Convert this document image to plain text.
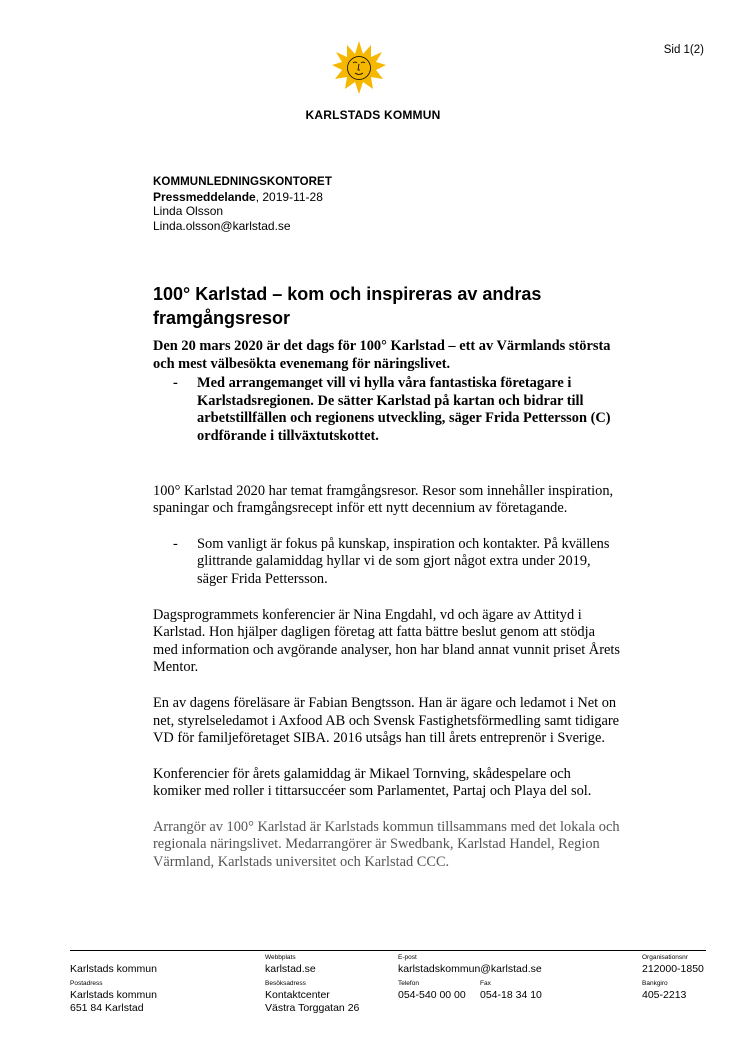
Sid 1(2)
KARLSTADS KOMMUN
KOMMUNLEDNINGSKONTORET
Pressmeddelande, 2019-11-28
Linda Olsson
Linda.olsson@karlstad.se
100° Karlstad – kom och inspireras av andras framgångsresor

Den 20 mars 2020 är det dags för 100° Karlstad – ett av Värmlands största och mest välbesökta evenemang för näringslivet.

- Med arrangemanget vill vi hylla våra fantastiska företagare i Karlstadsregionen. De sätter Karlstad på kartan och bidrar till arbetstillfällen och regionens utveckling, säger Frida Pettersson (C) ordförande i tillväxtutskottet.

100° Karlstad 2020 har temat framgångsresor. Resor som innehåller inspiration, spaningar och framgångsrecept inför ett nytt decennium av företagande.

- Som vanligt är fokus på kunskap, inspiration och kontakter. På kvällens glittrande galamiddag hyllar vi de som gjort något extra under 2019, säger Frida Pettersson.

Dagsprogrammets konferencier är Nina Engdahl, vd och ägare av Attityd i Karlstad. Hon hjälper dagligen företag att fatta bättre beslut genom att stödja med information och avgörande analyser, hon har bland annat vunnit priset Årets Mentor.

En av dagens föreläsare är Fabian Bengtsson. Han är ägare och ledamot i Net on net, styrelseledamot i Axfood AB och Svensk Fastighetsförmedling samt tidigare VD för familjeföretaget SIBA. 2016 utsågs han till årets entreprenör i Sverige.

Konferencier för årets galamiddag är Mikael Tornving, skådespelare och komiker med roller i tittarsuccéer som Parlamentet, Partaj och Playa del sol.

Arrangör av 100° Karlstad är Karlstads kommun tillsammans med det lokala och regionala näringslivet. Medarrangörer är Swedbank, Karlstad Handel, Region Värmland, Karlstads universitet och Karlstad CCC.

Karlstads kommun
Webbplats
karlstad.se
E-post
karlstadskommun@karlstad.se
Organisationsnr
212000-1850
Postadress
Karlstads kommun
651 84 Karlstad
Besöksadress
Kontaktcenter
Västra Torggatan 26
Telefon
054-540 00 00
Fax
054-18 34 10
Bankgiro
405-2213
